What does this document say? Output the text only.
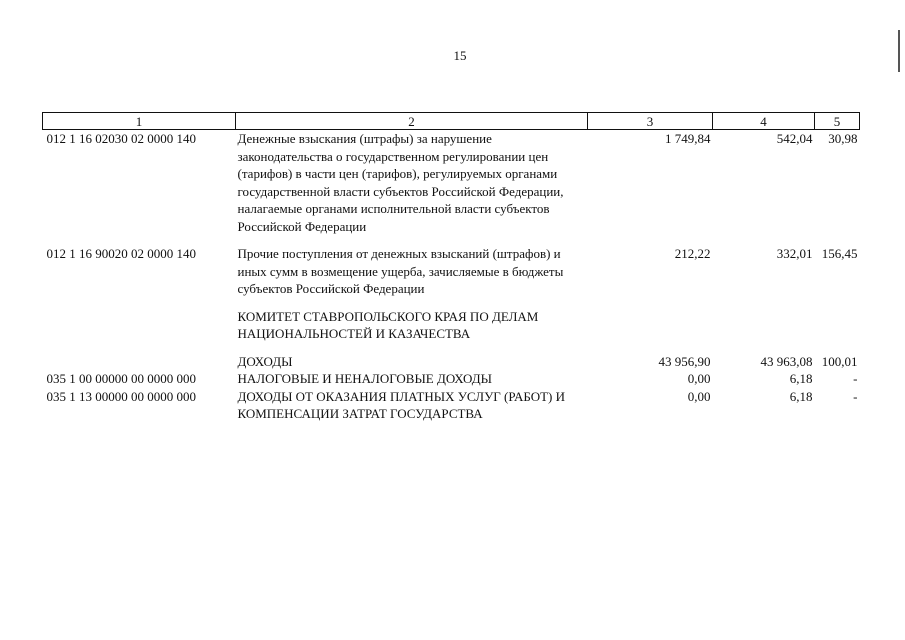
15
1	2	3	4	5
012 1 16 02030 02 0000 140	Денежные взыскания (штрафы) за нарушение законодательства о государственном регулировании цен (тарифов) в части цен (тарифов), регулируемых органами государственной власти субъектов Российской Федерации, налагаемые органами исполнительной власти субъектов Российской Федерации	1 749,84	542,04	30,98

012 1 16 90020 02 0000 140	Прочие поступления от денежных взысканий (штрафов) и иных сумм в возмещение ущерба, зачисляемые в бюджеты субъектов Российской Федерации	212,22	332,01	156,45

	КОМИТЕТ СТАВРОПОЛЬСКОГО КРАЯ ПО ДЕЛАМ НАЦИОНАЛЬНОСТЕЙ И КАЗАЧЕСТВА			

	ДОХОДЫ	43 956,90	43 963,08	100,01
035 1 00 00000 00 0000 000	НАЛОГОВЫЕ И НЕНАЛОГОВЫЕ ДОХОДЫ	0,00	6,18	-
035 1 13 00000 00 0000 000	ДОХОДЫ ОТ ОКАЗАНИЯ ПЛАТНЫХ УСЛУГ (РАБОТ) И КОМПЕНСАЦИИ ЗАТРАТ ГОСУДАРСТВА	0,00	6,18	-
